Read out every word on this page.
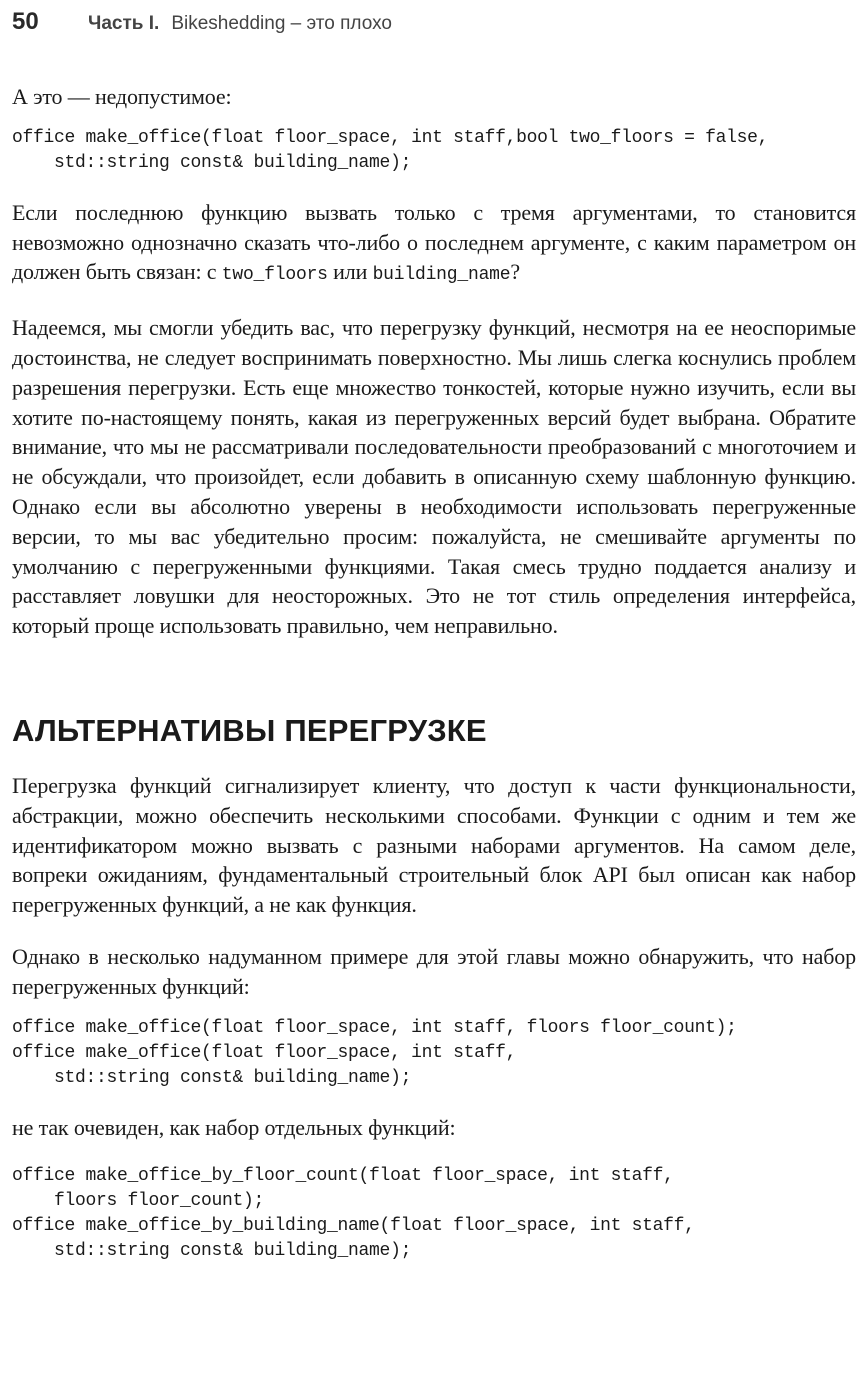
50	Часть I. Bikeshedding – это плохо

А это — недопустимое:

office make_office(float floor_space, int staff,bool two_floors = false,
std::string const& building_name);

Если последнюю функцию вызвать только с тремя аргументами, то становится невозможно однозначно сказать что-либо о последнем аргументе, с каким параметром он должен быть связан: с two_floors или building_name?

Надеемся, мы смогли убедить вас, что перегрузку функций, несмотря на ее неоспоримые достоинства, не следует воспринимать поверхностно. Мы лишь слегка коснулись проблем разрешения перегрузки. Есть еще множество тонкостей, которые нужно изучить, если вы хотите по-настоящему понять, какая из перегруженных версий будет выбрана. Обратите внимание, что мы не рассматривали последовательности преобразований с многоточием и не обсуждали, что произойдет, если добавить в описанную схему шаблонную функцию. Однако если вы абсолютно уверены в необходимости использовать перегруженные версии, то мы вас убедительно просим: пожалуйста, не смешивайте аргументы по умолчанию с перегруженными функциями. Такая смесь трудно поддается анализу и расставляет ловушки для неосторожных. Это не тот стиль определения интерфейса, который проще использовать правильно, чем неправильно.

АЛЬТЕРНАТИВЫ ПЕРЕГРУЗКЕ

Перегрузка функций сигнализирует клиенту, что доступ к части функциональности, абстракции, можно обеспечить несколькими способами. Функции с одним и тем же идентификатором можно вызвать с разными наборами аргументов. На самом деле, вопреки ожиданиям, фундаментальный строительный блок API был описан как набор перегруженных функций, а не как функция.

Однако в несколько надуманном примере для этой главы можно обнаружить, что набор перегруженных функций:

office make_office(float floor_space, int staff, floors floor_count);
office make_office(float floor_space, int staff,
std::string const& building_name);

не так очевиден, как набор отдельных функций:

office make_office_by_floor_count(float floor_space, int staff,
floors floor_count);
office make_office_by_building_name(float floor_space, int staff,
std::string const& building_name);
